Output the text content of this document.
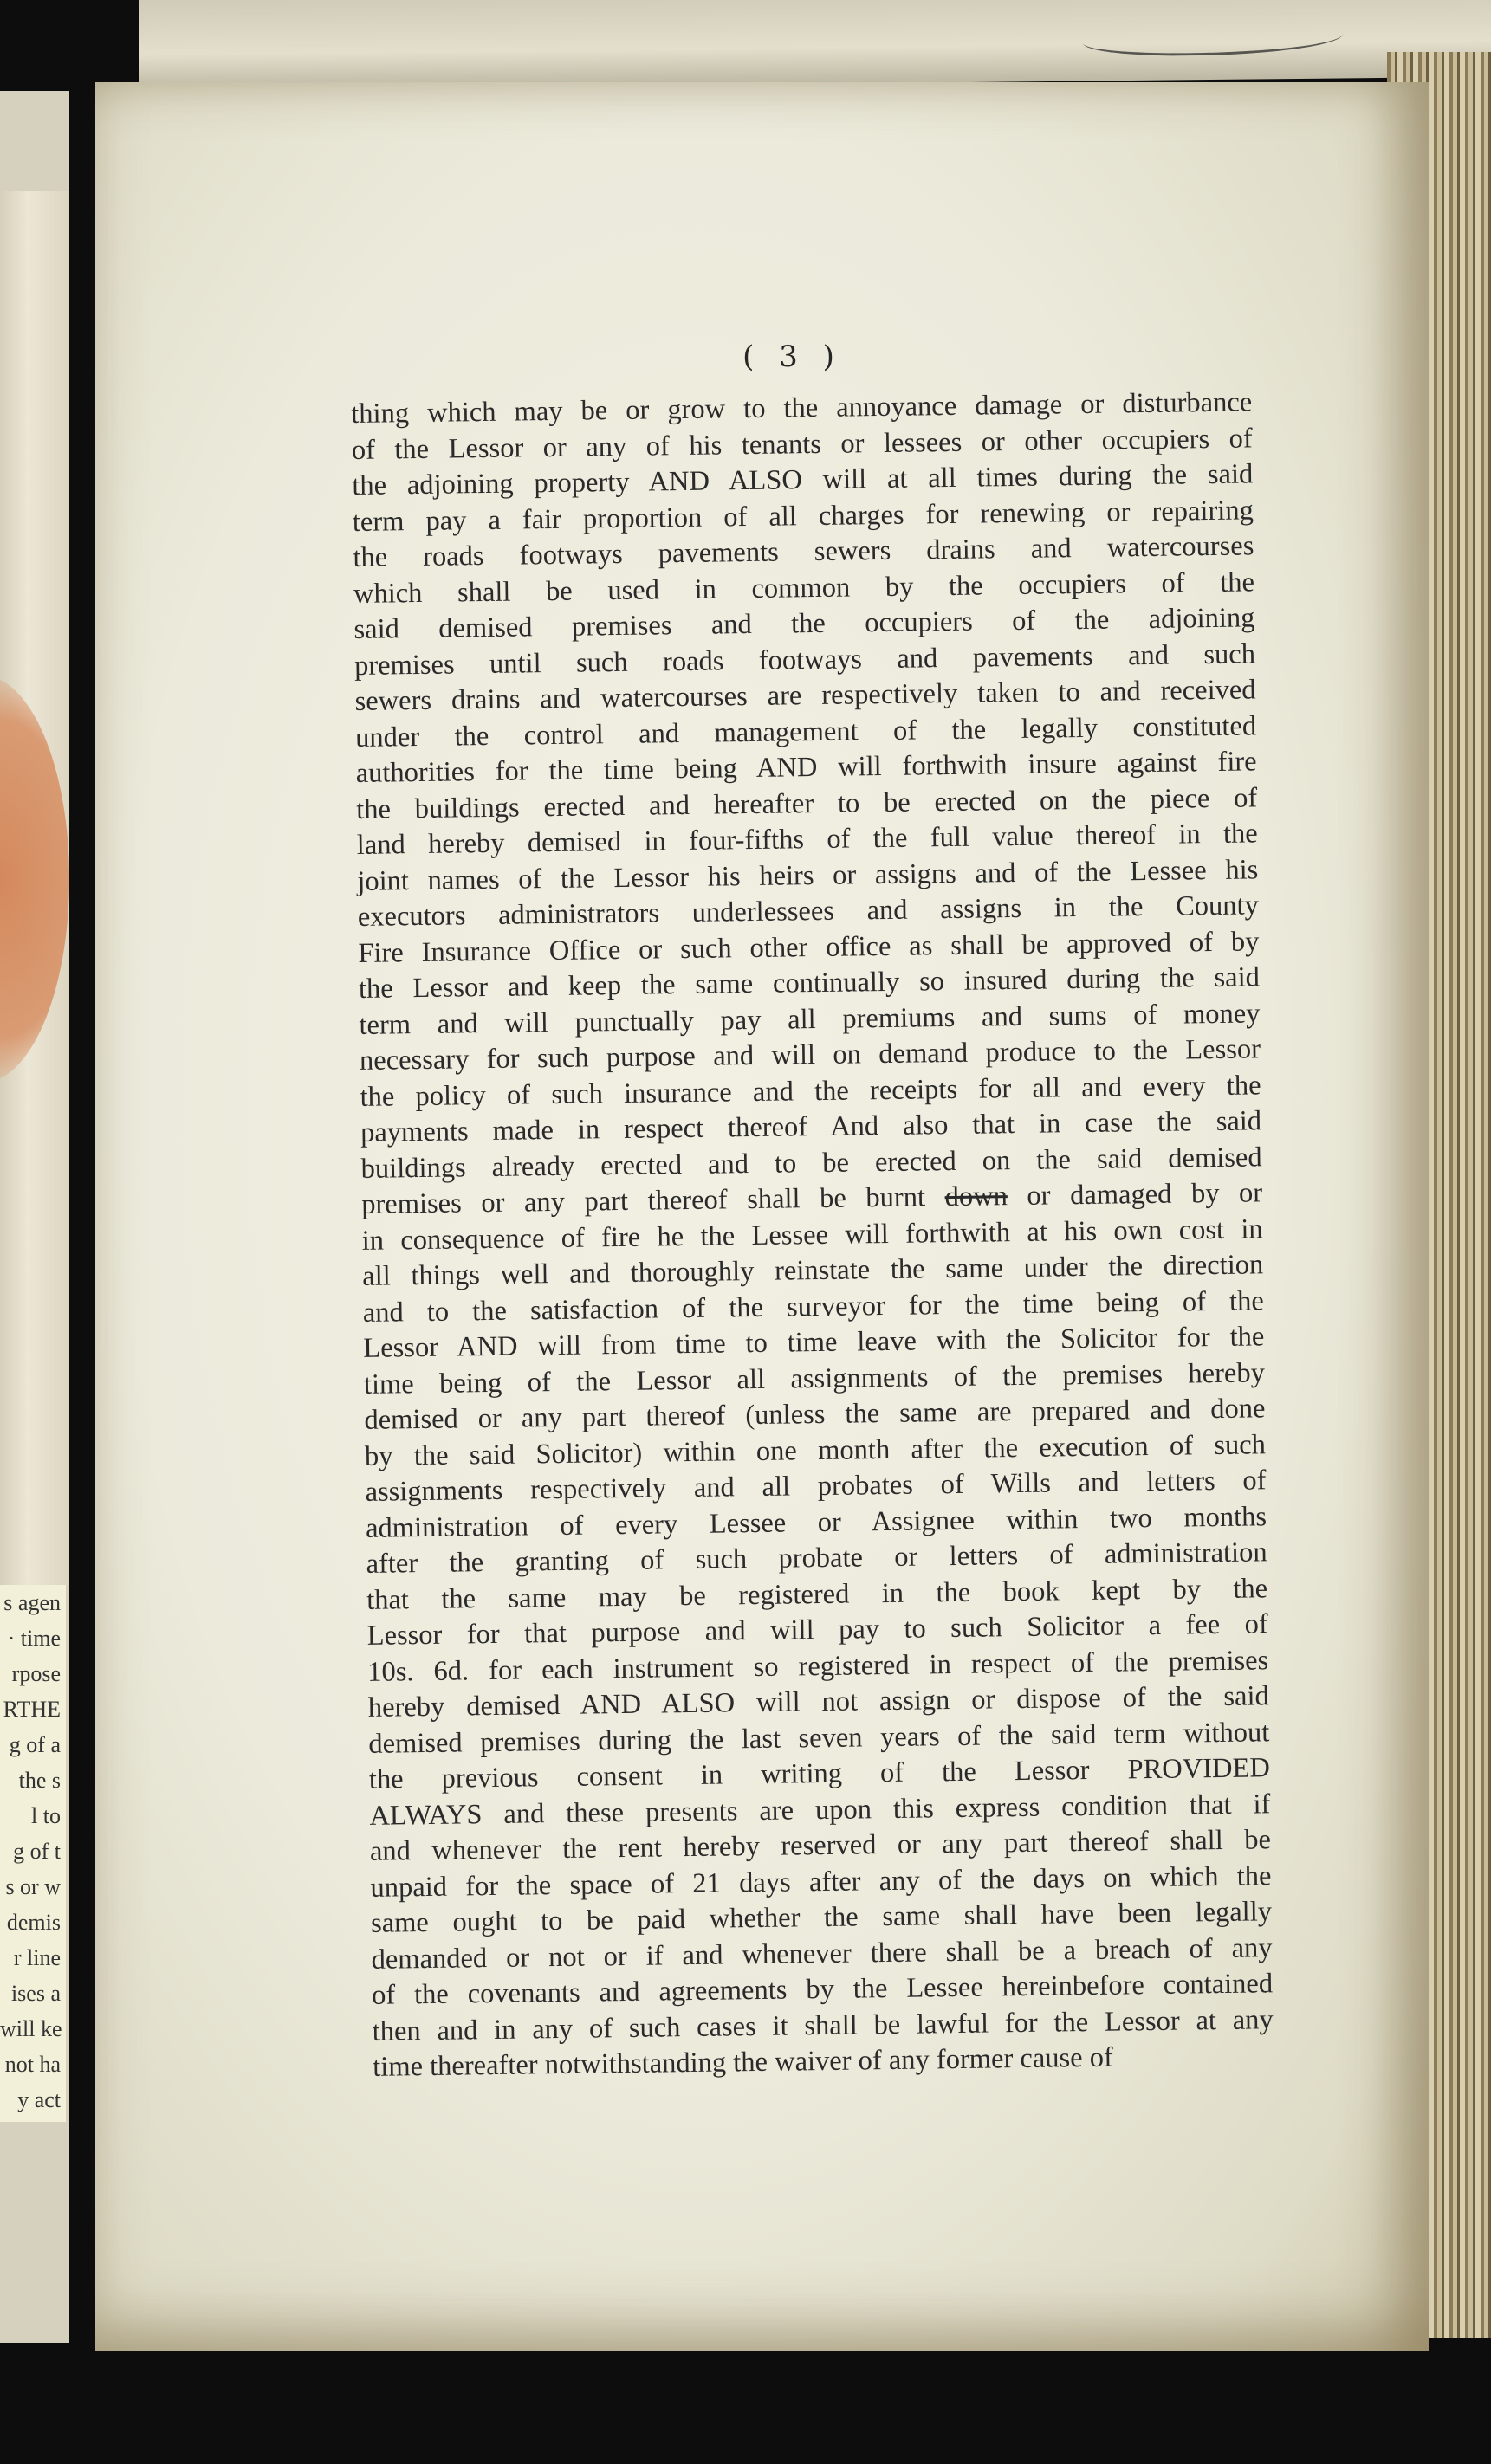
s agen
· time
rpose
RTHE
g of a
the s
l to
g of t
s or w
demis
r line
ises a
will ke
not ha
y act
( 3 )
thing which may be or grow to the annoyance damage or disturbance
of the Lessor or any of his tenants or lessees or other occupiers of
the adjoining property AND ALSO will at all times during the said
term pay a fair proportion of all charges for renewing or repairing
the roads footways pavements sewers drains and watercourses
which shall be used in common by the occupiers of the
said demised premises and the occupiers of the adjoining
premises until such roads footways and pavements and such
sewers drains and watercourses are respectively taken to and received
under the control and management of the legally constituted
authorities for the time being AND will forthwith insure against fire
the buildings erected and hereafter to be erected on the piece of
land hereby demised in four-fifths of the full value thereof in the
joint names of the Lessor his heirs or assigns and of the Lessee his
executors administrators underlessees and assigns in the County
Fire Insurance Office or such other office as shall be approved of by
the Lessor and keep the same continually so insured during the said
term and will punctually pay all premiums and sums of money
necessary for such purpose and will on demand produce to the Lessor
the policy of such insurance and the receipts for all and every the
payments made in respect thereof And also that in case the said
buildings already erected and to be erected on the said demised
premises or any part thereof shall be burnt down or damaged by or
in consequence of fire he the Lessee will forthwith at his own cost in
all things well and thoroughly reinstate the same under the direction
and to the satisfaction of the surveyor for the time being of the
Lessor AND will from time to time leave with the Solicitor for the
time being of the Lessor all assignments of the premises hereby
demised or any part thereof (unless the same are prepared and done
by the said Solicitor) within one month after the execution of such
assignments respectively and all probates of Wills and letters of
administration of every Lessee or Assignee within two months
after the granting of such probate or letters of administration
that the same may be registered in the book kept by the
Lessor for that purpose and will pay to such Solicitor a fee of
10s. 6d. for each instrument so registered in respect of the premises
hereby demised AND ALSO will not assign or dispose of the said
demised premises during the last seven years of the said term without
the previous consent in writing of the Lessor PROVIDED
ALWAYS and these presents are upon this express condition that if
and whenever the rent hereby reserved or any part thereof shall be
unpaid for the space of 21 days after any of the days on which the
same ought to be paid whether the same shall have been legally
demanded or not or if and whenever there shall be a breach of any
of the covenants and agreements by the Lessee hereinbefore contained
then and in any of such cases it shall be lawful for the Lessor at any
time thereafter notwithstanding the waiver of any former cause of
